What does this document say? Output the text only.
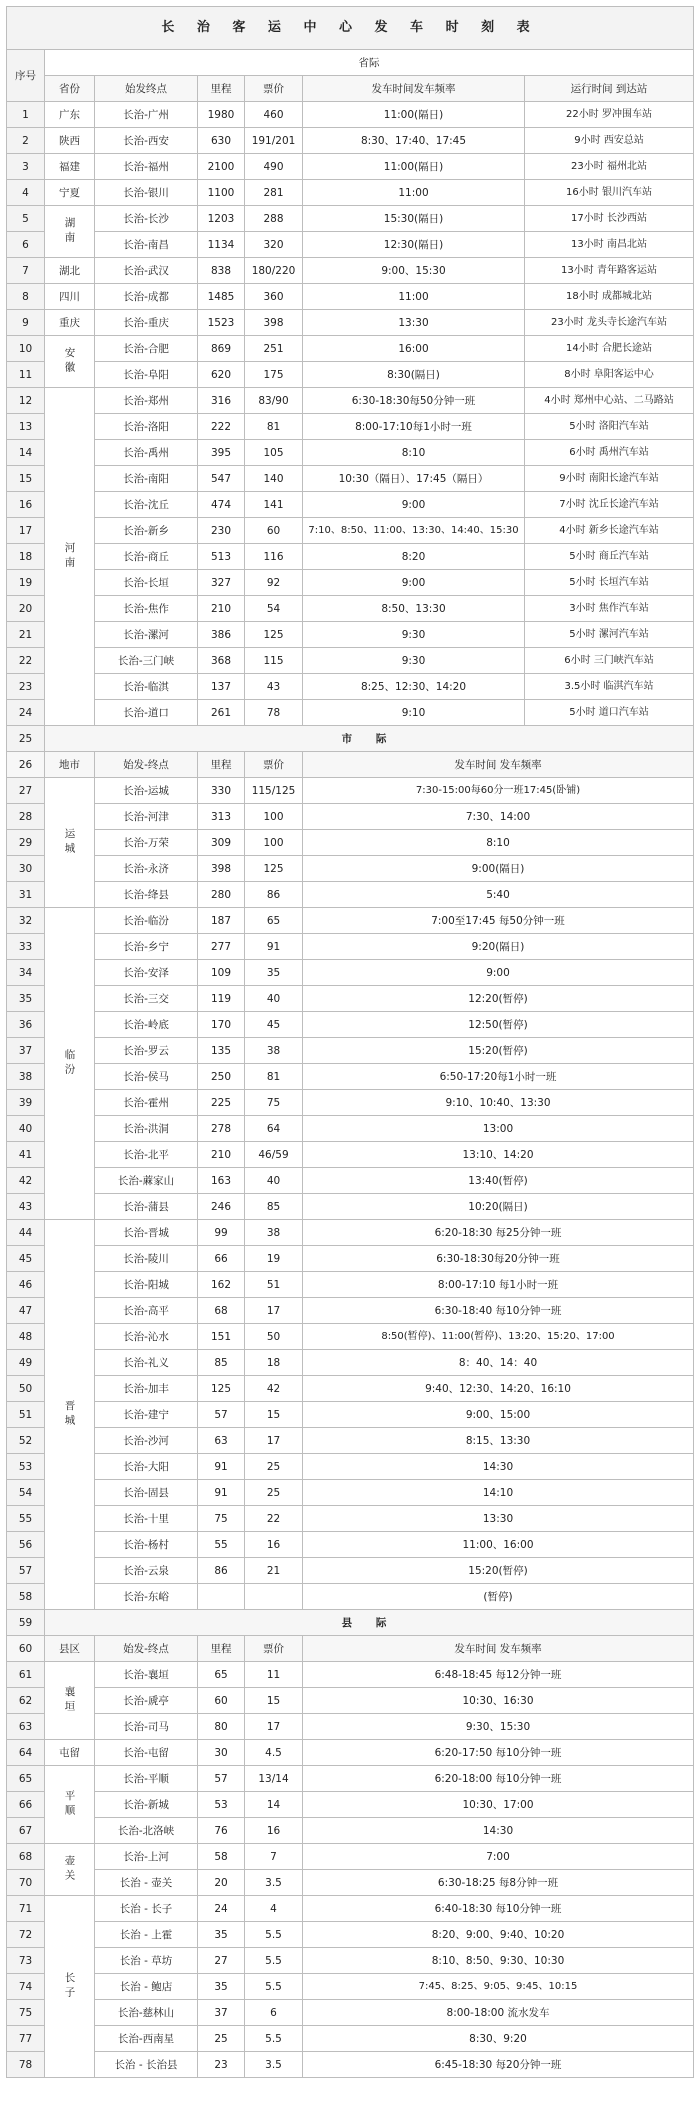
长 治 客 运 中 心 发 车 时 刻 表						
序号	省际					
	省份	始发终点	里程	票价	发车时间发车频率	运行时间 到达站
1	广东	长治-广州	1980	460	11:00(隔日)	22小时 罗冲围车站
2	陕西	长治-西安	630	191/201	8:30、17:40、17:45	9小时 西安总站
3	福建	长治-福州	2100	490	11:00(隔日)	23小时 福州北站
4	宁夏	长治-银川	1100	281	11:00	16小时 银川汽车站
5	湖南	长治-长沙	1203	288	15:30(隔日)	17小时 长沙西站
6		长治-南昌	1134	320	12:30(隔日)	13小时 南昌北站
7	湖北	长治-武汉	838	180/220	9:00、15:30	13小时 青年路客运站
8	四川	长治-成都	1485	360	11:00	18小时 成都城北站
9	重庆	长治-重庆	1523	398	13:30	23小时 龙头寺长途汽车站
10	安徽	长治-合肥	869	251	16:00	14小时 合肥长途站
11		长治-阜阳	620	175	8:30(隔日)	8小时 阜阳客运中心
12	河南	长治-郑州	316	83/90	6:30-18:30每50分钟一班	4小时 郑州中心站、二马路站
13		长治-洛阳	222	81	8:00-17:10每1小时一班	5小时 洛阳汽车站
14		长治-禹州	395	105	8:10	6小时 禹州汽车站
15		长治-南阳	547	140	10:30（隔日）、17:45（隔日）	9小时 南阳长途汽车站
16		长治-沈丘	474	141	9:00	7小时 沈丘长途汽车站
17		长治-新乡	230	60	7:10、8:50、11:00、13:30、14:40、15:30	4小时 新乡长途汽车站
18		长治-商丘	513	116	8:20	5小时 商丘汽车站
19		长治-长垣	327	92	9:00	5小时 长垣汽车站
20		长治-焦作	210	54	8:50、13:30	3小时 焦作汽车站
21		长治-漯河	386	125	9:30	5小时 漯河汽车站
22		长治-三门峡	368	115	9:30	6小时 三门峡汽车站
23		长治-临淇	137	43	8:25、12:30、14:20	3.5小时 临淇汽车站
24		长治-道口	261	78	9:10	5小时 道口汽车站
25	市 际					
26	地市	始发-终点	里程	票价	发车时间 发车频率	
27	运城	长治-运城	330	115/125	7:30-15:00每60分一班17:45(卧铺)	
28		长治-河津	313	100	7:30、14:00	
29		长治-万荣	309	100	8:10	
30		长治-永济	398	125	9:00(隔日)	
31		长治-绛县	280	86	5:40	
32	临汾	长治-临汾	187	65	7:00至17:45 每50分钟一班	
33		长治-乡宁	277	91	9:20(隔日)	
34		长治-安泽	109	35	9:00	
35		长治-三交	119	40	12:20(暂停)	
36		长治-岭底	170	45	12:50(暂停)	
37		长治-罗云	135	38	15:20(暂停)	
38		长治-侯马	250	81	6:50-17:20每1小时一班	
39		长治-霍州	225	75	9:10、10:40、13:30	
40		长治-洪洞	278	64	13:00	
41		长治-北平	210	46/59	13:10、14:20	
42		长治-蔴家山	163	40	13:40(暂停)	
43		长治-蒲县	246	85	10:20(隔日)	
44	晋城	长治-晋城	99	38	6:20-18:30 每25分钟一班	
45		长治-陵川	66	19	6:30-18:30每20分钟一班	
46		长治-阳城	162	51	8:00-17:10 每1小时一班	
47		长治-高平	68	17	6:30-18:40 每10分钟一班	
48		长治-沁水	151	50	8:50(暂停)、11:00(暂停)、13:20、15:20、17:00	
49		长治-礼义	85	18	8：40、14：40	
50		长治-加丰	125	42	9:40、12:30、14:20、16:10	
51		长治-建宁	57	15	9:00、15:00	
52		长治-沙河	63	17	8:15、13:30	
53		长治-大阳	91	25	14:30	
54		长治-固县	91	25	14:10	
55		长治-十里	75	22	13:30	
56		长治-杨村	55	16	11:00、16:00	
57		长治-云泉	86	21	15:20(暂停)	
58		长治-东峪			(暂停)	
59	县 际					
60	县区	始发-终点	里程	票价	发车时间 发车频率	
61	襄垣	长治-襄垣	65	11	6:48-18:45 每12分钟一班	
62		长治-虒亭	60	15	10:30、16:30	
63		长治-司马	80	17	9:30、15:30	
64	屯留	长治-屯留	30	4.5	6:20-17:50 每10分钟一班	
65	平顺	长治-平顺	57	13/14	6:20-18:00 每10分钟一班	
66		长治-新城	53	14	10:30、17:00	
67		长治-北洛峡	76	16	14:30	
68	壶关	长治-上河	58	7	7:00	
70		长治 - 壶关	20	3.5	6:30-18:25 每8分钟一班	
71	长子	长治 - 长子	24	4	6:40-18:30 每10分钟一班	
72		长治 - 上霍	35	5.5	8:20、9:00、9:40、10:20	
73		长治 - 草坊	27	5.5	8:10、8:50、9:30、10:30	
74		长治 - 鲍店	35	5.5	7:45、8:25、9:05、9:45、10:15	
75		长治-慈林山	37	6	8:00-18:00 流水发车	
77		长治-西南星	25	5.5	8:30、9:20	
78		长治 - 长治县	23	3.5	6:45-18:30 每20分钟一班	
